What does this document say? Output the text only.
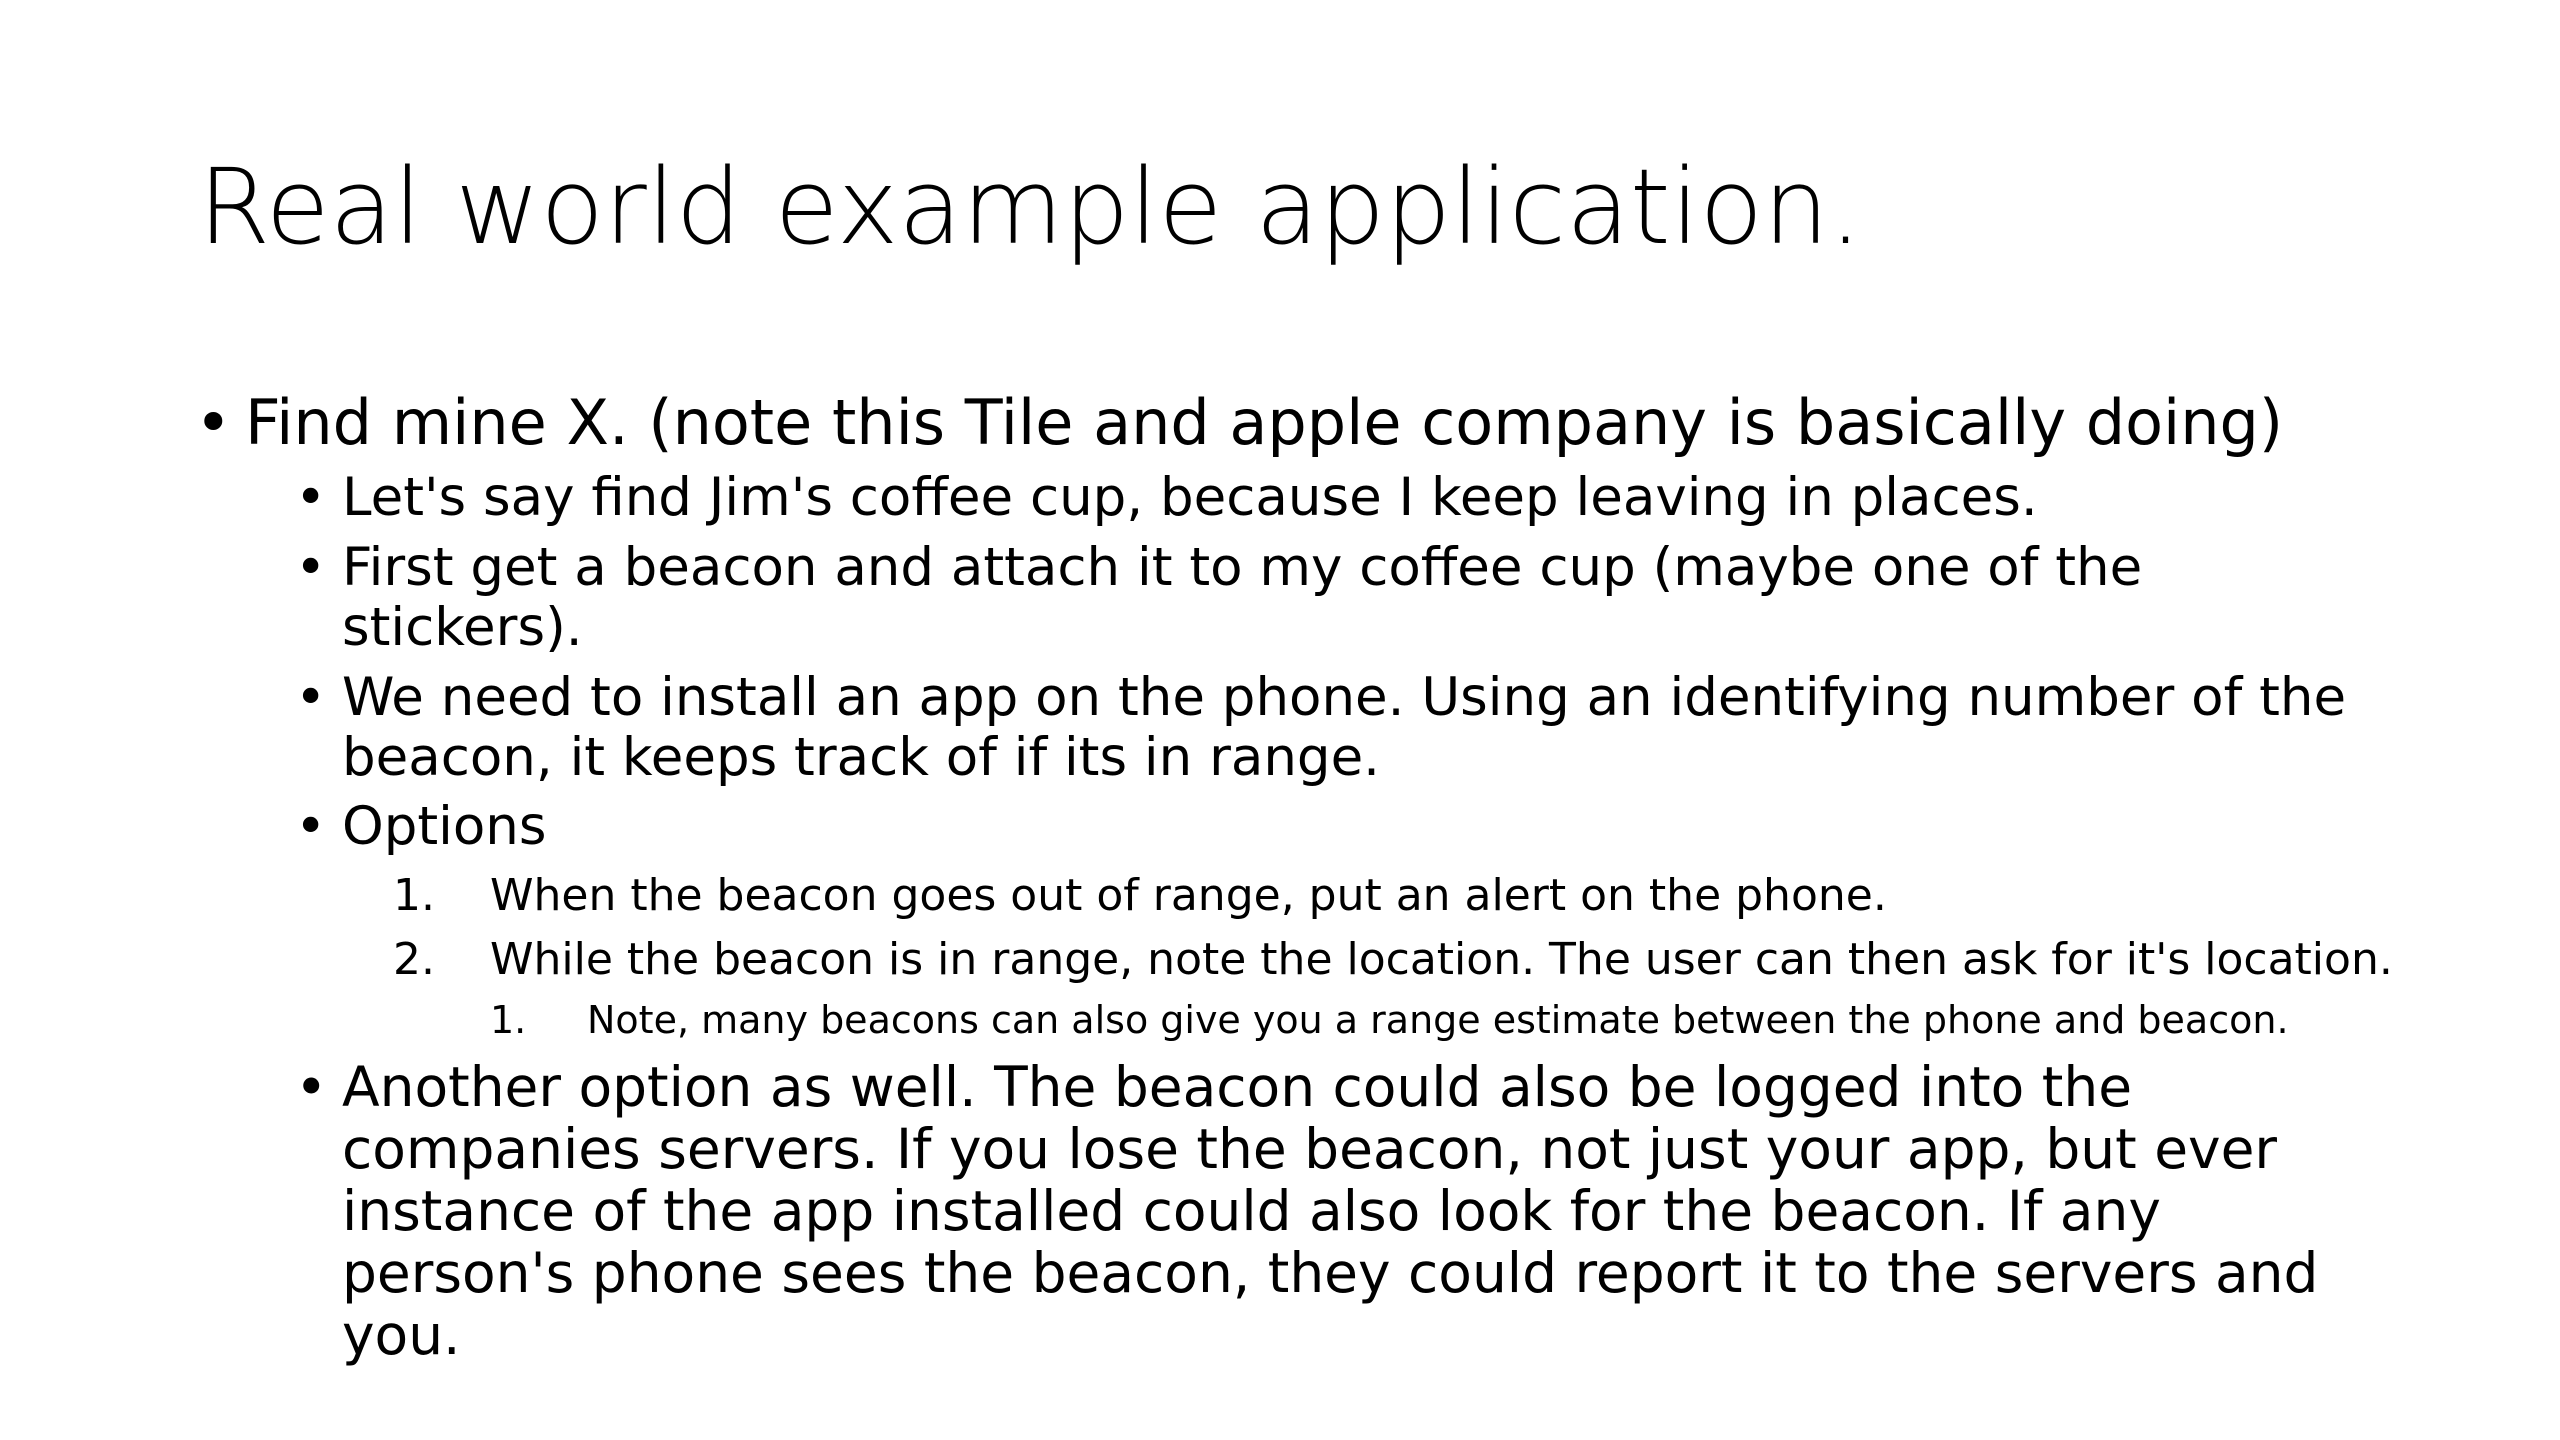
Real world example application.
• Find mine X. (note this Tile and apple company is basically doing)
• Let's say find Jim's coffee cup, because I keep leaving in places.
• First get a beacon and attach it to my coffee cup (maybe one of the stickers).
• We need to install an app on the phone. Using an identifying number of the beacon, it keeps track of if its in range.
• Options
1. When the beacon goes out of range, put an alert on the phone.
2. While the beacon is in range, note the location. The user can then ask for it's location.
1. Note, many beacons can also give you a range estimate between the phone and beacon.
• Another option as well. The beacon could also be logged into the companies servers. If you lose the beacon, not just your app, but ever instance of the app installed could also look for the beacon. If any person's phone sees the beacon, they could report it to the servers and you.
